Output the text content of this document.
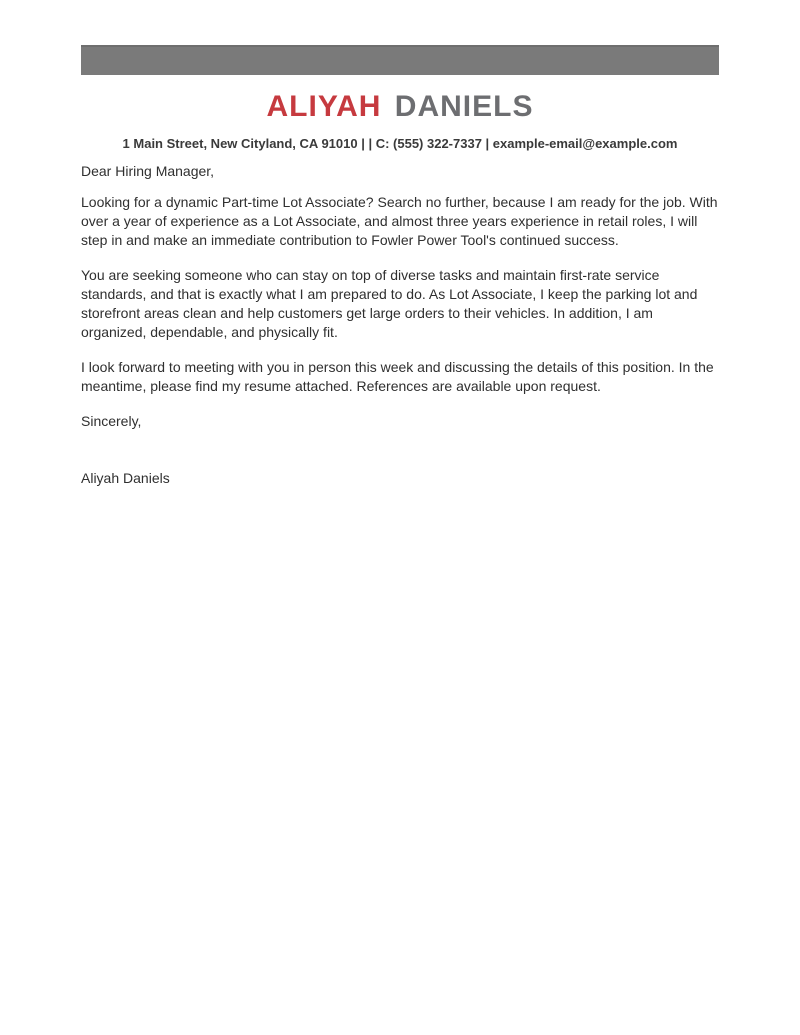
ALIYAH DANIELS
1 Main Street, New Cityland, CA 91010 | | C: (555) 322-7337 | example-email@example.com

Dear Hiring Manager,

Looking for a dynamic Part-time Lot Associate? Search no further, because I am ready for the job. With over a year of experience as a Lot Associate, and almost three years experience in retail roles, I will step in and make an immediate contribution to Fowler Power Tool's continued success.

You are seeking someone who can stay on top of diverse tasks and maintain first-rate service standards, and that is exactly what I am prepared to do. As Lot Associate, I keep the parking lot and storefront areas clean and help customers get large orders to their vehicles. In addition, I am organized, dependable, and physically fit.

I look forward to meeting with you in person this week and discussing the details of this position. In the meantime, please find my resume attached. References are available upon request.

Sincerely,

Aliyah Daniels
